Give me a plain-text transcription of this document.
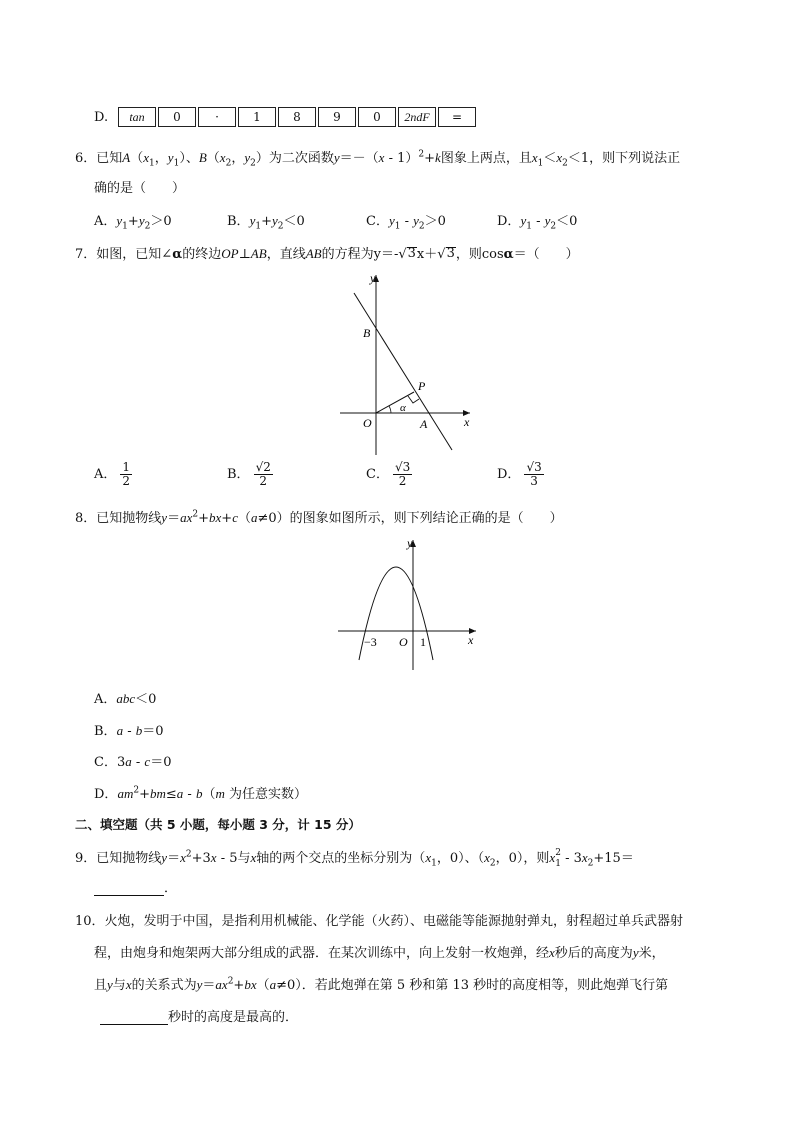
D.	tan	0	·	1	8	9	0	2ndF	=
6．已知$A(x_1$，$y_1$）、$B(x_2$，$y_2$）为二次函数y＝－（x - 1）$^2$+k图象上两点，且$x_1<x_2<1$，则下列说法正
确的是（　　）
A．$y_1+y_2>0$	B．$y_1+y_2<0$	C．$y_1 - y_2>0$	D．$y_1 - y_2<0$
7．如图，已知∠α的终边OP⊥AB，直线AB的方程为y＝-√ 3 x＋√ 3 ，则cosα＝（　　）
y
x
B
P
O	A
α
A． $\frac{1}{2}$	B． $\frac{√2}{2}$	C． $\frac{√3}{2}$	D． $\frac{√3}{3}$
8．已知抛物线$y=ax^2+bx+c(a\ne 0)$的图象如图所示，则下列结论正确的是（　　）
y
x
−3 O 1
A．abc＜0
B．a - b＝0
C．3a - c＝0
D．$am^2+bm\le a - b(m$ 为任意实数）
二、填空题（共 5 小题，每小题 3 分，计 15 分）
9．已知抛物线$y=x^2+3x - 5$与x轴的两个交点的坐标分别为（$x_1$，0）、（$x_2$，0），则x $_{2 1} - 3x_2+15=$
．
10．火炮，发明于中国，是指利用机械能、化学能（火药）、电磁能等能源抛射弹丸，射程超过单兵武器射
程，由炮身和炮架两大部分组成的武器．在某次训练中，向上发射一枚炮弹，经x秒后的高度为y米，
且y与x的关系式为$y=ax^2+bx(a\ne 0)$．若此炮弹在第 5 秒和第 13 秒时的高度相等，则此炮弹飞行第
秒时的高度是最高的．
